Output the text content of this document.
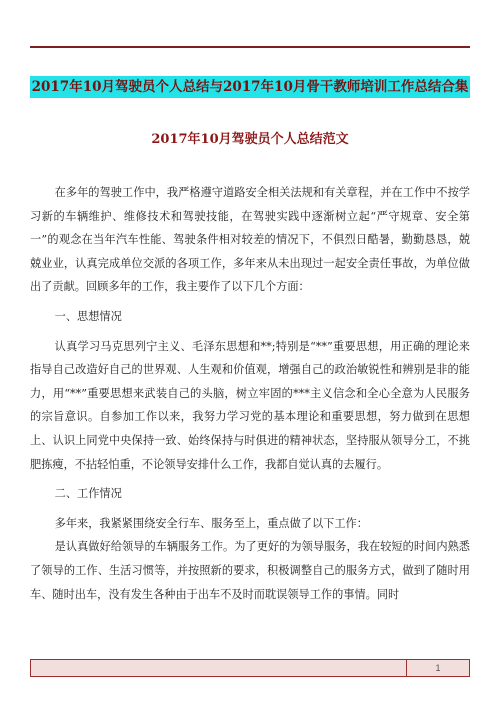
2017年10月驾驶员个人总结与2017年10月骨干教师培训工作总结合集
2017年10月驾驶员个人总结范文

在多年的驾驶工作中，我严格遵守道路安全相关法规和有关章程，并在工作中不按学习新的车辆维护、维修技术和驾驶技能，在驾驶实践中逐渐树立起“严守规章、安全第一”的观念在当年汽车性能、驾驶条件相对较差的情况下，不俱烈日酷暑，勤勤恳恳，兢兢业业，认真完成单位交派的各项工作，多年来从未出现过一起安全责任事故，为单位做出了贡献。回顾多年的工作，我主要作了以下几个方面：

一、思想情况

认真学习马克思列宁主义、毛泽东思想和**;特别是“**”重要思想，用正确的理论来指导自己改造好自己的世界观、人生观和价值观，增强自己的政治敏锐性和辨别是非的能力，用“**”重要思想来武装自己的头脑，树立牢固的***主义信念和全心全意为人民服务的宗旨意识。自参加工作以来，我努力学习党的基本理论和重要思想，努力做到在思想上、认识上同党中央保持一致、始终保持与时俱进的精神状态，坚持服从领导分工，不挑肥拣瘦，不拈轻怕重，不论领导安排什么工作，我都自觉认真的去履行。

二、工作情况

多年来，我紧紧围绕安全行车、服务至上，重点做了以下工作：

是认真做好给领导的车辆服务工作。为了更好的为领导服务，我在较短的时间内熟悉了领导的工作、生活习惯等，并按照新的要求，积极调整自己的服务方式，做到了随时用车、随时出车，没有发生各种由于出车不及时而耽误领导工作的事情。同时

1
